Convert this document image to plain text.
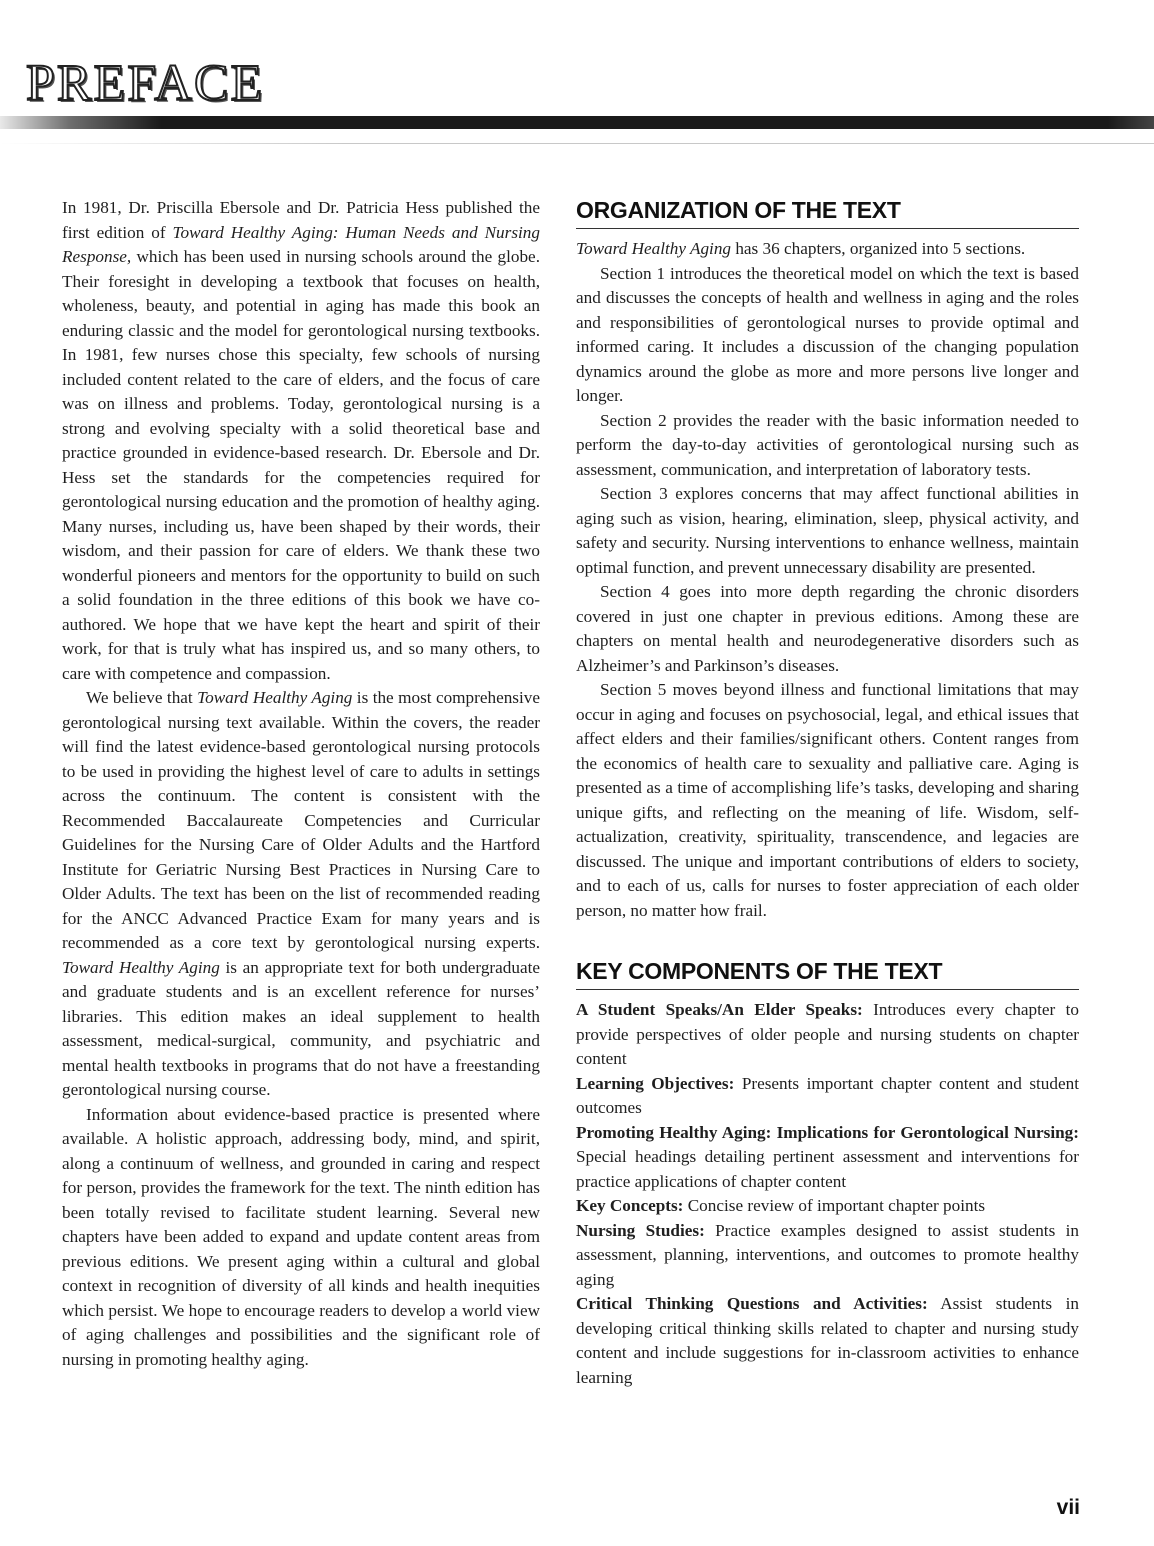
PREFACE

In 1981, Dr. Priscilla Ebersole and Dr. Patricia Hess published the first edition of Toward Healthy Aging: Human Needs and Nursing Response, which has been used in nursing schools around the globe. Their foresight in developing a textbook that focuses on health, wholeness, beauty, and potential in aging has made this book an enduring classic and the model for gerontological nursing textbooks. In 1981, few nurses chose this specialty, few schools of nursing included content related to the care of elders, and the focus of care was on illness and problems. Today, gerontological nursing is a strong and evolving specialty with a solid theoretical base and practice grounded in evidence-based research. Dr. Ebersole and Dr. Hess set the standards for the competencies required for gerontological nursing education and the promotion of healthy aging. Many nurses, including us, have been shaped by their words, their wisdom, and their passion for care of elders. We thank these two wonderful pioneers and mentors for the opportunity to build on such a solid foundation in the three editions of this book we have co-authored. We hope that we have kept the heart and spirit of their work, for that is truly what has inspired us, and so many others, to care with competence and compassion.

We believe that Toward Healthy Aging is the most comprehensive gerontological nursing text available. Within the covers, the reader will find the latest evidence-based gerontological nursing protocols to be used in providing the highest level of care to adults in settings across the continuum. The content is consistent with the Recommended Baccalaureate Competencies and Curricular Guidelines for the Nursing Care of Older Adults and the Hartford Institute for Geriatric Nursing Best Practices in Nursing Care to Older Adults. The text has been on the list of recommended reading for the ANCC Advanced Practice Exam for many years and is recommended as a core text by gerontological nursing experts. Toward Healthy Aging is an appropriate text for both undergraduate and graduate students and is an excellent reference for nurses’ libraries. This edition makes an ideal supplement to health assessment, medical-surgical, community, and psychiatric and mental health textbooks in programs that do not have a freestanding gerontological nursing course.

Information about evidence-based practice is presented where available. A holistic approach, addressing body, mind, and spirit, along a continuum of wellness, and grounded in caring and respect for person, provides the framework for the text. The ninth edition has been totally revised to facilitate student learning. Several new chapters have been added to expand and update content areas from previous editions. We present aging within a cultural and global context in recognition of diversity of all kinds and health inequities which persist. We hope to encourage readers to develop a world view of aging challenges and possibilities and the significant role of nursing in promoting healthy aging.

ORGANIZATION OF THE TEXT

Toward Healthy Aging has 36 chapters, organized into 5 sections.

Section 1 introduces the theoretical model on which the text is based and discusses the concepts of health and wellness in aging and the roles and responsibilities of gerontological nurses to provide optimal and informed caring. It includes a discussion of the changing population dynamics around the globe as more and more persons live longer and longer.

Section 2 provides the reader with the basic information needed to perform the day-to-day activities of gerontological nursing such as assessment, communication, and interpretation of laboratory tests.

Section 3 explores concerns that may affect functional abilities in aging such as vision, hearing, elimination, sleep, physical activity, and safety and security. Nursing interventions to enhance wellness, maintain optimal function, and prevent unnecessary disability are presented.

Section 4 goes into more depth regarding the chronic disorders covered in just one chapter in previous editions. Among these are chapters on mental health and neurodegenerative disorders such as Alzheimer’s and Parkinson’s diseases.

Section 5 moves beyond illness and functional limitations that may occur in aging and focuses on psychosocial, legal, and ethical issues that affect elders and their families/significant others. Content ranges from the economics of health care to sexuality and palliative care. Aging is presented as a time of accomplishing life’s tasks, developing and sharing unique gifts, and reflecting on the meaning of life. Wisdom, self-actualization, creativity, spirituality, transcendence, and legacies are discussed. The unique and important contributions of elders to society, and to each of us, calls for nurses to foster appreciation of each older person, no matter how frail.

KEY COMPONENTS OF THE TEXT

A Student Speaks/An Elder Speaks: Introduces every chapter to provide perspectives of older people and nursing students on chapter content

Learning Objectives: Presents important chapter content and student outcomes

Promoting Healthy Aging: Implications for Gerontological Nursing: Special headings detailing pertinent assessment and interventions for practice applications of chapter content

Key Concepts: Concise review of important chapter points

Nursing Studies: Practice examples designed to assist students in assessment, planning, interventions, and outcomes to promote healthy aging

Critical Thinking Questions and Activities: Assist students in developing critical thinking skills related to chapter and nursing study content and include suggestions for in-classroom activities to enhance learning

vii
